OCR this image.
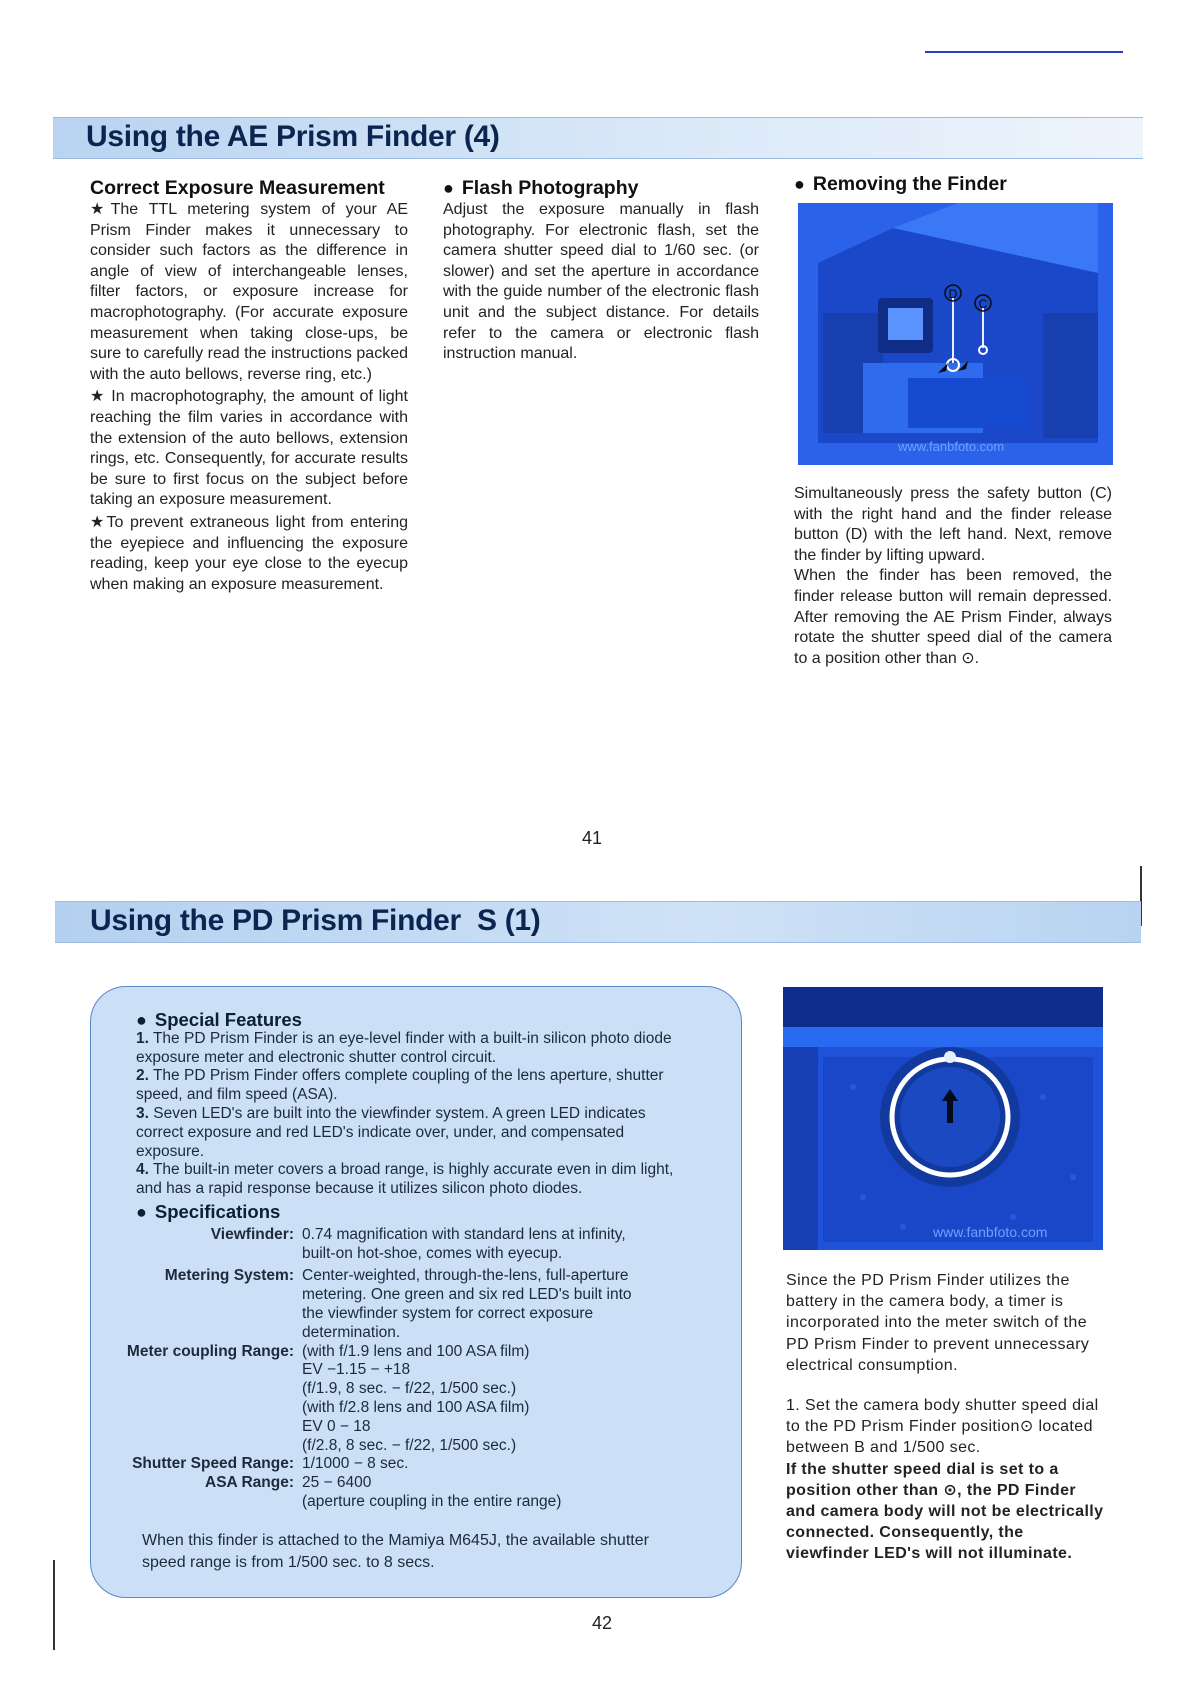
Using the AE Prism Finder (4)

Correct Exposure Measurement

★The TTL metering system of your AE Prism Finder makes it unnecessary to consider such factors as the difference in angle of view of interchangeable lenses, filter factors, or exposure increase for macrophotography. (For accurate exposure measurement when taking close-ups, be sure to carefully read the instructions packed with the auto bellows, reverse ring, etc.)

★ In macrophotography, the amount of light reaching the film varies in accordance with the extension of the auto bellows, extension rings, etc. Consequently, for accurate results be sure to first focus on the subject before taking an exposure measurement.

★To prevent extraneous light from entering the eyepiece and influencing the exposure reading, keep your eye close to the eyecup when making an exposure measurement.

● Flash Photography

Adjust the exposure manually in flash photography. For electronic flash, set the camera shutter speed dial to 1/60 sec. (or slower) and set the aperture in accordance with the guide number of the electronic flash unit and the subject distance. For details refer to the camera or electronic flash instruction manual.

● Removing the Finder

D
C
www.fanbfoto.com

Simultaneously press the safety button (C) with the right hand and the finder release button (D) with the left hand. Next, remove the finder by lifting upward.

When the finder has been removed, the finder release button will remain depressed. After removing the AE Prism Finder, always rotate the shutter speed dial of the camera to a position other than ⊙.

41
Using the PD Prism Finder  S (1)
● Special Features
1. The PD Prism Finder is an eye-level finder with a built-in silicon photo diode exposure meter and electronic shutter control circuit.
2. The PD Prism Finder offers complete coupling of the lens aperture, shutter speed, and film speed (ASA).
3. Seven LED's are built into the viewfinder system. A green LED indicates correct exposure and red LED's indicate over, under, and compensated exposure.
4. The built-in meter covers a broad range, is highly accurate even in dim light, and has a rapid response because it utilizes silicon photo diodes.
● Specifications
Viewfinder: 0.74 magnification with standard lens at infinity,
built-on hot-shoe, comes with eyecup.
Metering System: Center-weighted, through-the-lens, full-aperture
metering. One green and six red LED's built into
the viewfinder system for correct exposure
determination.
Meter coupling Range: (with f/1.9 lens and 100 ASA film)
EV −1.15 − +18
(f/1.9, 8 sec. − f/22, 1/500 sec.)
(with f/2.8 lens and 100 ASA film)
EV 0 − 18
(f/2.8, 8 sec. − f/22, 1/500 sec.)
Shutter Speed Range: 1/1000 − 8 sec.
ASA Range: 25 − 6400
(aperture coupling in the entire range)
When this finder is attached to the Mamiya M645J, the available shutter speed range is from 1/500 sec. to 8 secs.
www.fanbfoto.com

Since the PD Prism Finder utilizes the battery in the camera body, a timer is incorporated into the meter switch of the PD Prism Finder to prevent unnecessary electrical consumption.

1. Set the camera body shutter speed dial to the PD Prism Finder position⊙ located between B and 1/500 sec.

If the shutter speed dial is set to a position other than ⊙, the PD Finder and camera body will not be electrically connected. Consequently, the viewfinder LED's will not illuminate.

42
